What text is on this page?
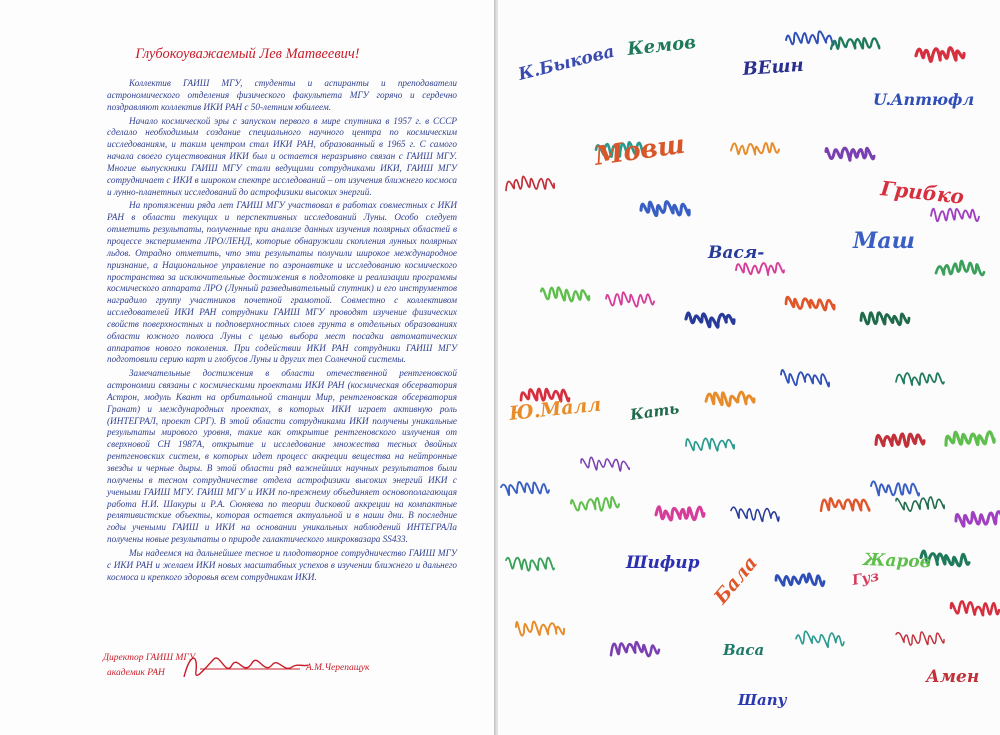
Глубокоуважаемый Лев Матвеевич!

Коллектив ГАИШ МГУ, студенты и аспиранты и преподаватели астрономического отделения физического факультета МГУ горячо и сердечно поздравляют коллектив ИКИ РАН с 50-летним юбилеем.

Начало космической эры с запуском первого в мире спутника в 1957 г. в СССР сделало необходимым создание специального научного центра по космическим исследованиям, и таким центром стал ИКИ РАН, образованный в 1965 г. С самого начала своего существования ИКИ был и остается неразрывно связан с ГАИШ МГУ. Многие выпускники ГАИШ МГУ стали ведущими сотрудниками ИКИ, ГАИШ МГУ сотрудничает с ИКИ в широком спектре исследований – от изучения ближнего космоса и лунно-планетных исследований до астрофизики высоких энергий.

На протяжении ряда лет ГАИШ МГУ участвовал в работах совместных с ИКИ РАН в области текущих и перспективных исследований Луны. Особо следует отметить результаты, полученные при анализе данных изучения полярных областей в процессе эксперимента ЛРО/ЛЕНД, которые обнаружили скопления лунных полярных льдов. Отрадно отметить, что эти результаты получили широкое международное признание, а Национальное управление по аэронавтике и исследованию космического пространства за исключительные достижения в подготовке и реализации программы космического аппарата ЛРО (Лунный разведывательный спутник) и его инструментов наградило группу участников почетной грамотой. Совместно с коллективом исследователей ИКИ РАН сотрудники ГАИШ МГУ проводят изучение физических свойств поверхностных и подповерхностных слоев грунта в отдельных образованиях области южного полюса Луны с целью выбора мест посадки автоматических аппаратов нового поколения. При содействии ИКИ РАН сотрудники ГАИШ МГУ подготовили серию карт и глобусов Луны и других тел Солнечной системы.

Замечательные достижения в области отечественной рентгеновской астрономии связаны с космическими проектами ИКИ РАН (космическая обсерватория Астрон, модуль Квант на орбитальной станции Мир, рентгеновская обсерватория Гранат) и международных проектах, в которых ИКИ играет активную роль (ИНТЕГРАЛ, проект СРГ). В этой области сотрудниками ИКИ получены уникальные результаты мирового уровня, такие как открытие рентгеновского излучения от сверхновой СН 1987А, открытие и исследование множества тесных двойных рентгеновских систем, в которых идет процесс аккреции вещества на нейтронные звезды и черные дыры. В этой области ряд важнейших научных результатов были получены в тесном сотрудничестве отдела астрофизики высоких энергий ИКИ с учеными ГАИШ МГУ. ГАИШ МГУ и ИКИ по-прежнему объединяет основополагающая работа Н.И. Шакуры и Р.А. Сюняева по теории дисковой аккреции на компактные релятивистские объекты, которая остается актуальной и в наши дни. В последние годы учеными ГАИШ и ИКИ на основании уникальных наблюдений ИНТЕГРАЛа получены новые результаты о природе галактического микроквазара SS433.

Мы надеемся на дальнейшее тесное и плодотворное сотрудничество ГАИШ МГУ с ИКИ РАН и желаем ИКИ новых масштабных успехов в изучении ближнего и дальнего космоса и крепкого здоровья всем сотрудникам ИКИ.

Директор ГАИШ МГУ
академик РАН	А.М.Черепащук
К.Быкова Кемов
ВЕшн
U.Anmюфл
Мовш
Грибко
Вася-	Маш
Ю.Малл Кать
Шифир Бала	Жаров
Гуз
Амен
Васа
Шапу
